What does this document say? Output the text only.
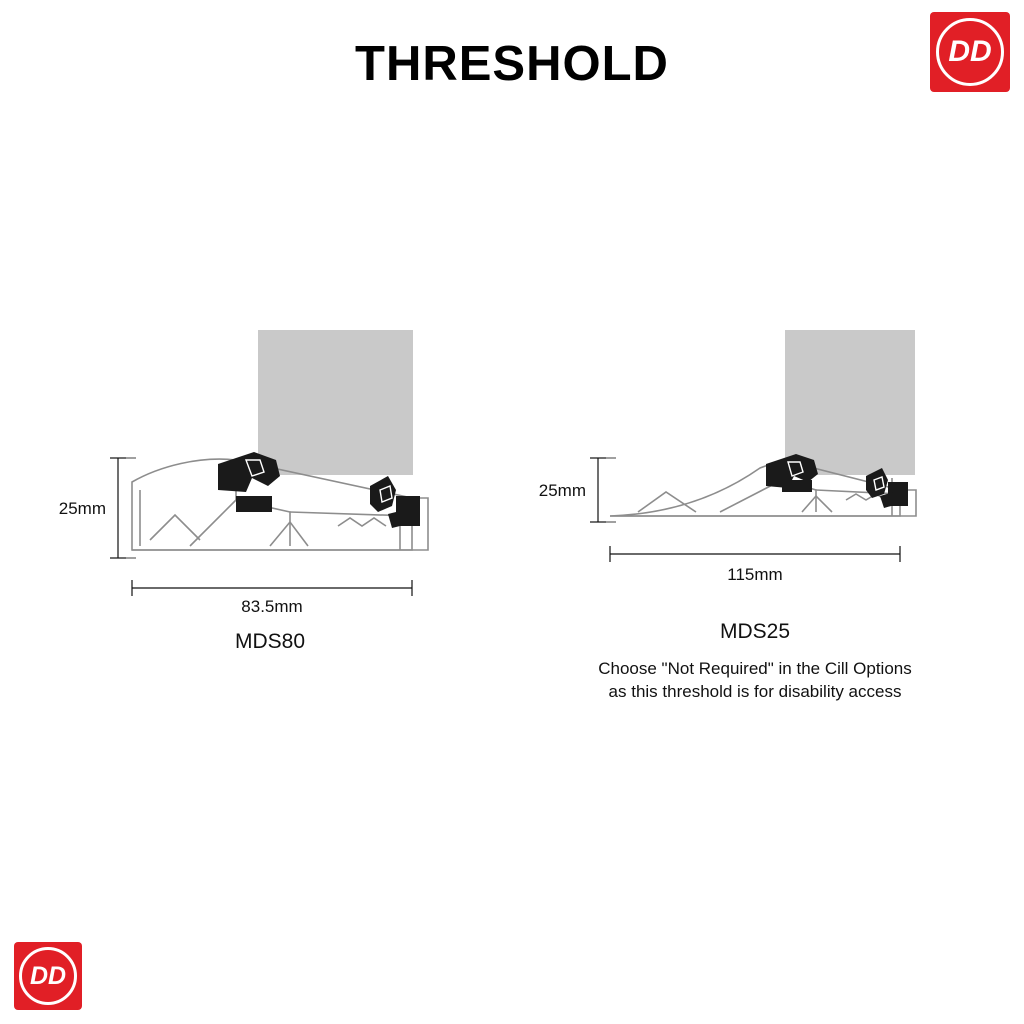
THRESHOLD	DD
DD
25mm
83.5mm
MDS80
25mm
115mm
MDS25
Choose "Not Required" in the Cill Options
as this threshold is for disability access
